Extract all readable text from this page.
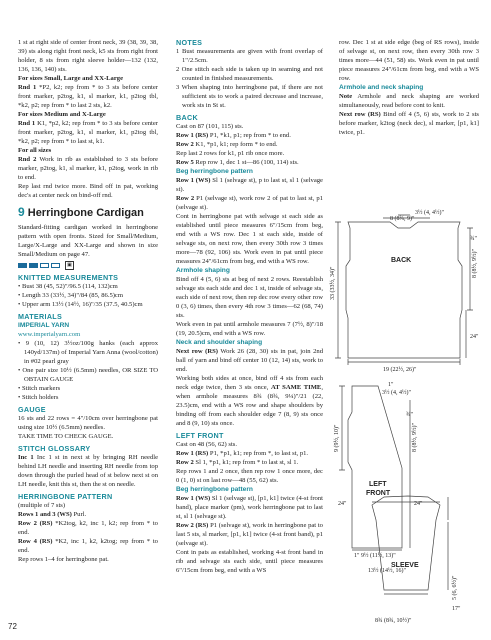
1 st at right side of center front neck, 39 (38, 39, 38, 39) sts along right front neck, k5 sts from right front holder, 8 sts from right sleeve holder—132 (132, 136, 136, 140) sts.

For sizes Small, Large and XX-Large

Rnd 1 *P2, k2; rep from * to 3 sts before center front marker, p2tog, k1, sl marker, k1, p2tog tbl, *k2, p2; rep from * to last 2 sts, k2.

For sizes Medium and X-Large

Rnd 1 K1, *p2, k2; rep from * to 3 sts before center front marker, p2tog, k1, sl marker, k1, p2tog tbl, *k2, p2; rep from * to last st, k1.

For all sizes

Rnd 2 Work in rib as established to 3 sts before marker, p2tog, k1, sl marker, k1, p2tog, work in rib to end.

Rep last rnd twice more. Bind off in pat, working dec's at center neck on bind-off rnd.

9 Herringbone Cardigan

Standard-fitting cardigan worked in herringbone pattern with open fronts. Sized for Small/Medium, Large/X-Large and XX-Large and shown in size Small/Medium on page 47.

▣

KNITTED MEASUREMENTS

• Bust 38 (45, 52)"/96.5 (114, 132)cm

• Length 33 (33½, 34)"/84 (85, 86.5)cm

• Upper arm 13½ (14½, 16)"/35 (37.5, 40.5)cm

MATERIALS

IMPERIAL YARN

www.imperialyarn.com

• 9 (10, 12) 3½oz/100g hanks (each approx 140yd/137m) of Imperial Yarn Anna (wool/cotton) in #02 pearl gray

• One pair size 10½ (6.5mm) needles, OR SIZE TO OBTAIN GAUGE

• Stitch markers

• Stitch holders

GAUGE

16 sts and 22 rows = 4"/10cm over herringbone pat using size 10½ (6.5mm) needles.

TAKE TIME TO CHECK GAUGE.

STITCH GLOSSARY

Inc 1 Inc 1 st in next st by bringing RH needle behind LH needle and inserting RH needle from top down through the purled head of st below next st on LH needle, knit this st, then the st on needle.

HERRINGBONE PATTERN

(multiple of 7 sts)

Rows 1 and 3 (WS) Purl.

Row 2 (RS) *K2tog, k2, inc 1, k2; rep from * to end.

Row 4 (RS) *K2, inc 1, k2, k2tog; rep from * to end.

Rep rows 1–4 for herringbone pat.

NOTES

1 Bust measurements are given with front overlap of 1"/2.5cm.

2 One stitch each side is taken up in seaming and not counted in finished measurements.

3 When shaping into herringbone pat, if there are not sufficient sts to work a paired decrease and increase, work sts in St st.

BACK

Cast on 87 (101, 115) sts.

Row 1 (RS) P1, *k1, p1; rep from * to end.

Row 2 K1, *p1, k1; rep form * to end.

Rep last 2 rows for k1, p1 rib once more.

Row 5 Rep row 1, dec 1 st—86 (100, 114) sts.

Beg herringbone pattern

Row 1 (WS) Sl 1 (selvage st), p to last st, sl 1 (selvage st).

Row 2 P1 (selvage st), work row 2 of pat to last st, p1 (selvage st).

Cont in herringbone pat with selvage st each side as established until piece measures 6"/15cm from beg, end with a WS row. Dec 1 st each side, inside of selvage sts, on next row, then every 30th row 3 times more—78 (92, 106) sts. Work even in pat until piece measures 24"/61cm from beg, end with a WS row.

Armhole shaping

Bind off 4 (5, 6) sts at beg of next 2 rows. Reestablish selvage sts each side and dec 1 st, inside of selvage sts, each side of next row, then rep dec row every other row 0 (3, 6) times, then every 4th row 3 times—62 (68, 74) sts.

Work even in pat until armhole measures 7 (7½, 8)"/18 (19, 20.5)cm, end with a WS row.

Neck and shoulder shaping

Next row (RS) Work 26 (28, 30) sts in pat, join 2nd ball of yarn and bind off center 10 (12, 14) sts, work to end.

Working both sides at once, bind off 4 sts from each neck edge twice, then 3 sts once, AT SAME TIME, when armhole measures 8¾ (8¾, 9¼)"/21 (22, 23.5)cm, end with a WS row and shape shoulders by binding off from each shoulder edge 7 (8, 9) sts once and 8 (9, 10) sts once.

LEFT FRONT

Cast on 48 (56, 62) sts.

Row 1 (RS) P1, *p1, k1; rep from *, to last st, p1.

Row 2 Sl 1, *p1, k1; rep from * to last st, sl 1.

Rep rows 1 and 2 once, then rep row 1 once more, dec 0 (1, 0) st on last row—48 (55, 62) sts.

Beg herringbone pattern

Row 1 (WS) Sl 1 (selvage st), [p1, k1] twice (4-st front band), place marker (pm), work herringbone pat to last st, sl 1 (selvage st).

Row 2 (RS) P1 (selvage st), work in herringbone pat to last 5 sts, sl marker, [p1, k1] twice (4-st front band), p1 (selvage st).

Cont in pats as established, working 4-st front band in rib and selvage sts each side, until piece measures 6"/15cm from beg, end with a WS

row. Dec 1 st at side edge (beg of RS rows), inside of selvage st, on next row, then every 30th row 3 times more—44 (51, 58) sts. Work even in pat until piece measures 24"/61cm from beg, end with a WS row.

Armhole and neck shaping

Note Armhole and neck shaping are worked simultaneously, read before cont to knit.

Next row (RS) Bind off 4 (5, 6) sts, work to 2 sts before marker, k2tog (neck dec), sl marker, [p1, k1] twice, p1.

BACK
3½ (4, 4½)"
8 (8¾, 9)"
33 (33½, 34)"
8 (8½, 9½)"
¾"
24"
19 (22½, 26)"
1"
3½ (4, 4½)"
9 (9½, 10)"	8 (8½, 9½)"
¾"
24"	24"
LEFT
FRONT
1" 9½ (11½, 13)"
13½ (14½, 16)"
SLEEVE
5 (6, 6½)"
17"
8¾ (8¾, 10½)"
72
